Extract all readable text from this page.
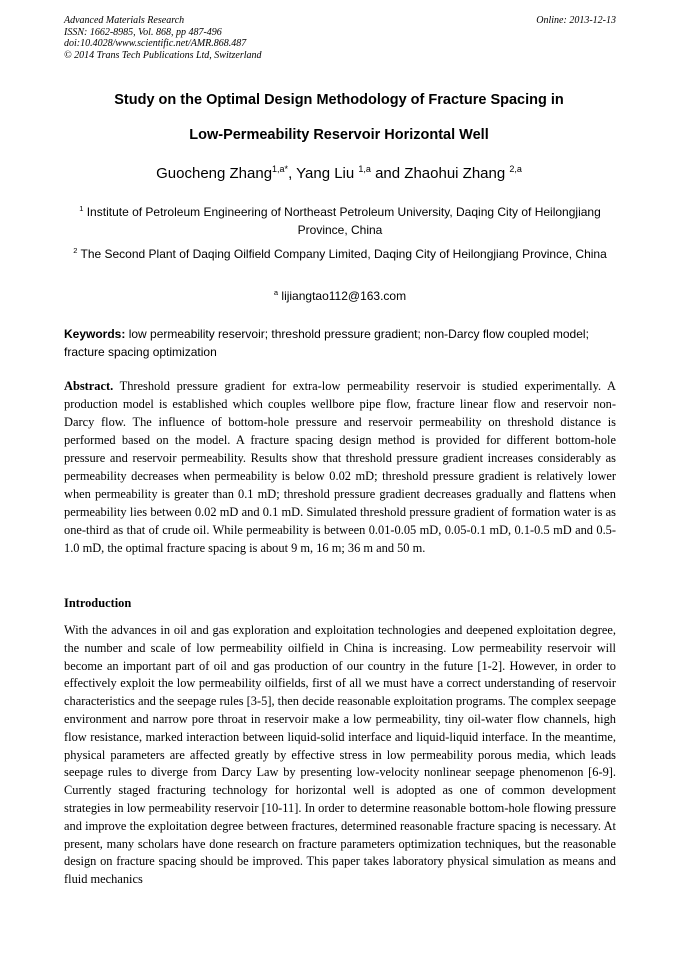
Advanced Materials Research
ISSN: 1662-8985, Vol. 868, pp 487-496
doi:10.4028/www.scientific.net/AMR.868.487
© 2014 Trans Tech Publications Ltd, Switzerland
Online: 2013-12-13
Study on the Optimal Design Methodology of Fracture Spacing in
Low-Permeability Reservoir Horizontal Well
Guocheng Zhang$^{1,a*}$, Yang Liu $^{1,a}$ and Zhaohui Zhang $^{2,a}$
$^1$ Institute of Petroleum Engineering of Northeast Petroleum University, Daqing City of Heilongjiang Province, China
$^2$ The Second Plant of Daqing Oilfield Company Limited, Daqing City of Heilongjiang Province, China
$^a$ lijiangtao112@163.com
Keywords: low permeability reservoir; threshold pressure gradient; non-Darcy flow coupled model; fracture spacing optimization
Abstract. Threshold pressure gradient for extra-low permeability reservoir is studied experimentally. A production model is established which couples wellbore pipe flow, fracture linear flow and reservoir non-Darcy flow. The influence of bottom-hole pressure and reservoir permeability on threshold distance is performed based on the model. A fracture spacing design method is provided for different bottom-hole pressure and reservoir permeability. Results show that threshold pressure gradient increases considerably as permeability decreases when permeability is below 0.02 mD; threshold pressure gradient is relatively lower when permeability is greater than 0.1 mD; threshold pressure gradient decreases gradually and flattens when permeability lies between 0.02 mD and 0.1 mD. Simulated threshold pressure gradient of formation water is as one-third as that of crude oil. While permeability is between 0.01-0.05 mD, 0.05-0.1 mD, 0.1-0.5 mD and 0.5-1.0 mD, the optimal fracture spacing is about 9 m, 16 m; 36 m and 50 m.
Introduction
With the advances in oil and gas exploration and exploitation technologies and deepened exploitation degree, the number and scale of low permeability oilfield in China is increasing. Low permeability reservoir will become an important part of oil and gas production of our country in the future [1-2]. However, in order to effectively exploit the low permeability oilfields, first of all we must have a correct understanding of reservoir characteristics and the seepage rules [3-5], then decide reasonable exploitation programs. The complex seepage environment and narrow pore throat in reservoir make a low permeability, tiny oil-water flow channels, high flow resistance, marked interaction between liquid-solid interface and liquid-liquid interface. In the meantime, physical parameters are affected greatly by effective stress in low permeability porous media, which leads seepage rules to diverge from Darcy Law by presenting low-velocity nonlinear seepage phenomenon [6-9]. Currently staged fracturing technology for horizontal well is adopted as one of common development strategies in low permeability reservoir [10-11]. In order to determine reasonable bottom-hole flowing pressure and improve the exploitation degree between fractures, determined reasonable fracture spacing is necessary. At present, many scholars have done research on fracture parameters optimization techniques, but the reasonable design on fracture spacing should be improved. This paper takes laboratory physical simulation as means and fluid mechanics
